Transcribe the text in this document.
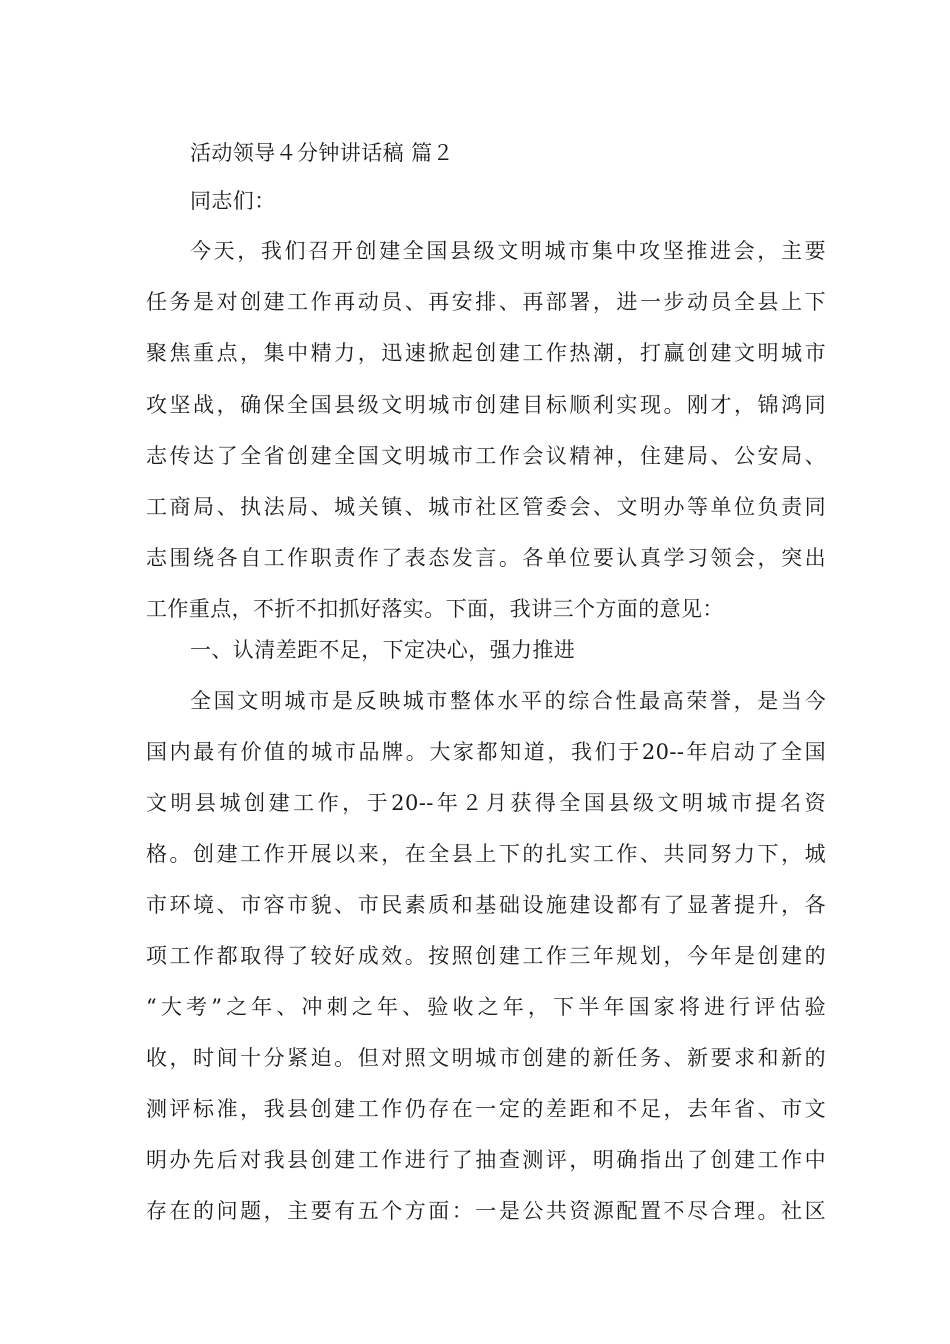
活动领导４分钟讲话稿 篇２
同志们：
今天，我们召开创建全国县级文明城市集中攻坚推进会，主要
任务是对创建工作再动员、再安排、再部署，进一步动员全县上下
聚焦重点，集中精力，迅速掀起创建工作热潮，打赢创建文明城市
攻坚战，确保全国县级文明城市创建目标顺利实现。刚才，锦鸿同
志传达了全省创建全国文明城市工作会议精神，住建局、公安局、
工商局、执法局、城关镇、城市社区管委会、文明办等单位负责同
志围绕各自工作职责作了表态发言。各单位要认真学习领会，突出
工作重点，不折不扣抓好落实。下面，我讲三个方面的意见：
一、认清差距不足，下定决心，强力推进
全国文明城市是反映城市整体水平的综合性最高荣誉，是当今
国内最有价值的城市品牌。大家都知道，我们于20--年启动了全国
文明县城创建工作，于20--年２月获得全国县级文明城市提名资
格。创建工作开展以来，在全县上下的扎实工作、共同努力下，城
市环境、市容市貌、市民素质和基础设施建设都有了显著提升，各
项工作都取得了较好成效。按照创建工作三年规划，今年是创建的
“大考”之年、冲刺之年、验收之年，下半年国家将进行评估验
收，时间十分紧迫。但对照文明城市创建的新任务、新要求和新的
测评标准，我县创建工作仍存在一定的差距和不足，去年省、市文
明办先后对我县创建工作进行了抽查测评，明确指出了创建工作中
存在的问题，主要有五个方面：一是公共资源配置不尽合理。社区
